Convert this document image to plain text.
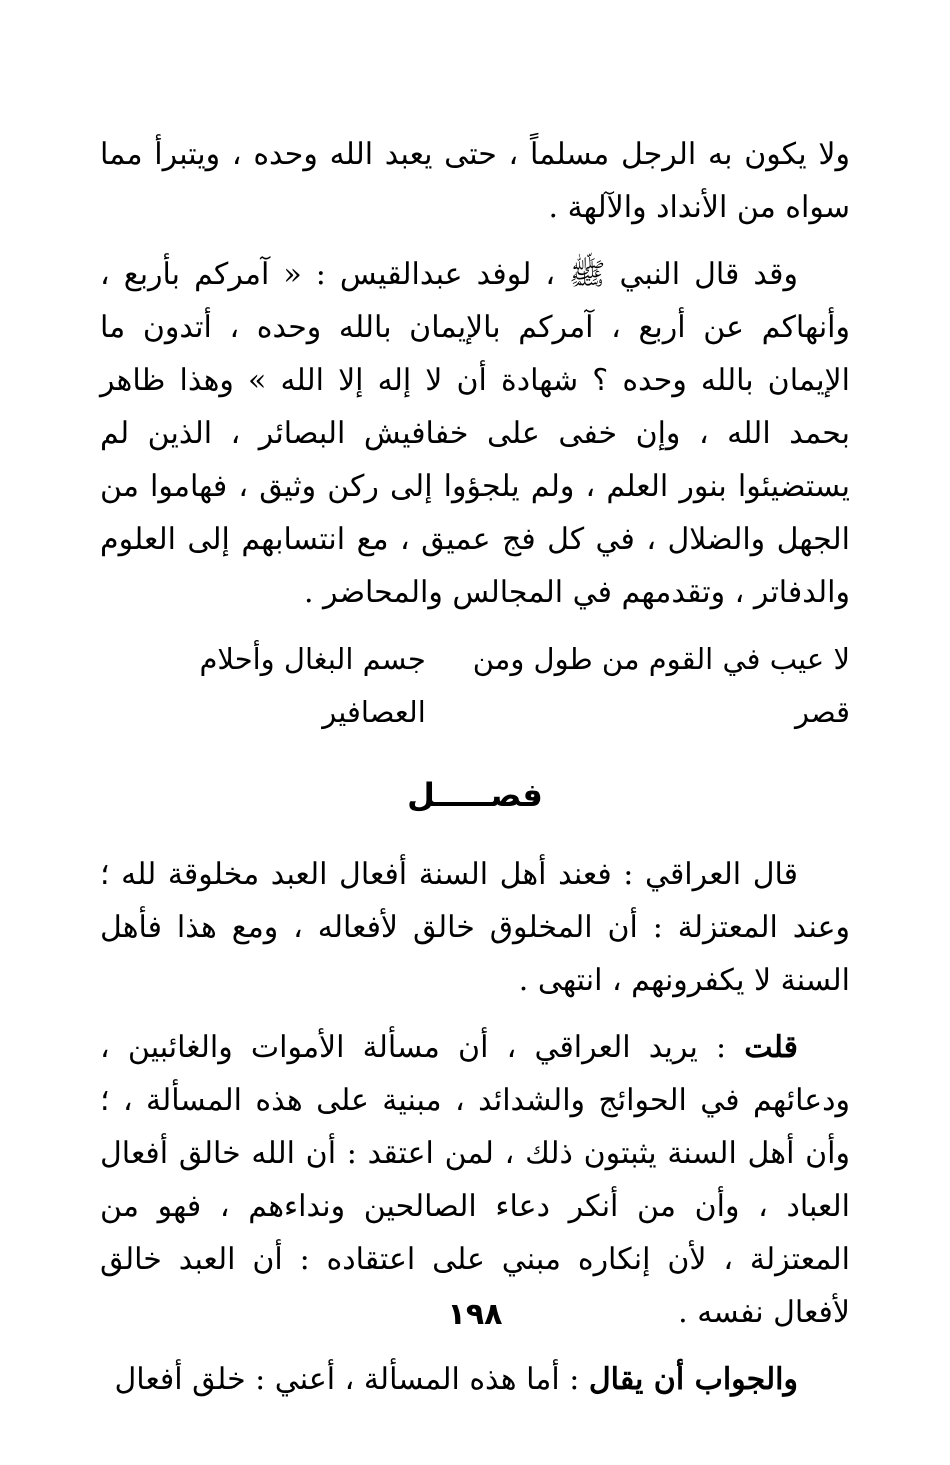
ولا يكون به الرجل مسلماً ، حتى يعبد الله وحده ، ويتبرأ مما سواه من الأنداد والآلهة .

وقد قال النبي ﷺ ، لوفد عبدالقيس : « آمركم بأربع ، وأنهاكم عن أربع ، آمركم بالإيمان بالله وحده ، أتدون ما الإيمان بالله وحده ؟ شهادة أن لا إله إلا الله » وهذا ظاهر بحمد الله ، وإن خفى على خفافيش البصائر ، الذين لم يستضيئوا بنور العلم ، ولم يلجؤوا إلى ركن وثيق ، فهاموا من الجهل والضلال ، في كل فج عميق ، مع انتسابهم إلى العلوم والدفاتر ، وتقدمهم في المجالس والمحاضر .

لا عيب في القوم من طول ومن قصر
جسم البغال وأحلام العصافير
فصـــــل

قال العراقي : فعند أهل السنة أفعال العبد مخلوقة لله ؛ وعند المعتزلة : أن المخلوق خالق لأفعاله ، ومع هذا فأهل السنة لا يكفرونهم ، انتهى .

قلت : يريد العراقي ، أن مسألة الأموات والغائبين ، ودعائهم في الحوائج والشدائد ، مبنية على هذه المسألة ، ؛ وأن أهل السنة يثبتون ذلك ، لمن اعتقد : أن الله خالق أفعال العباد ، وأن من أنكر دعاء الصالحين ونداءهم ، فهو من المعتزلة ، لأن إنكاره مبني على اعتقاده : أن العبد خالق لأفعال نفسه .

والجواب أن يقال : أما هذه المسألة ، أعني : خلق أفعال

١٩٨
